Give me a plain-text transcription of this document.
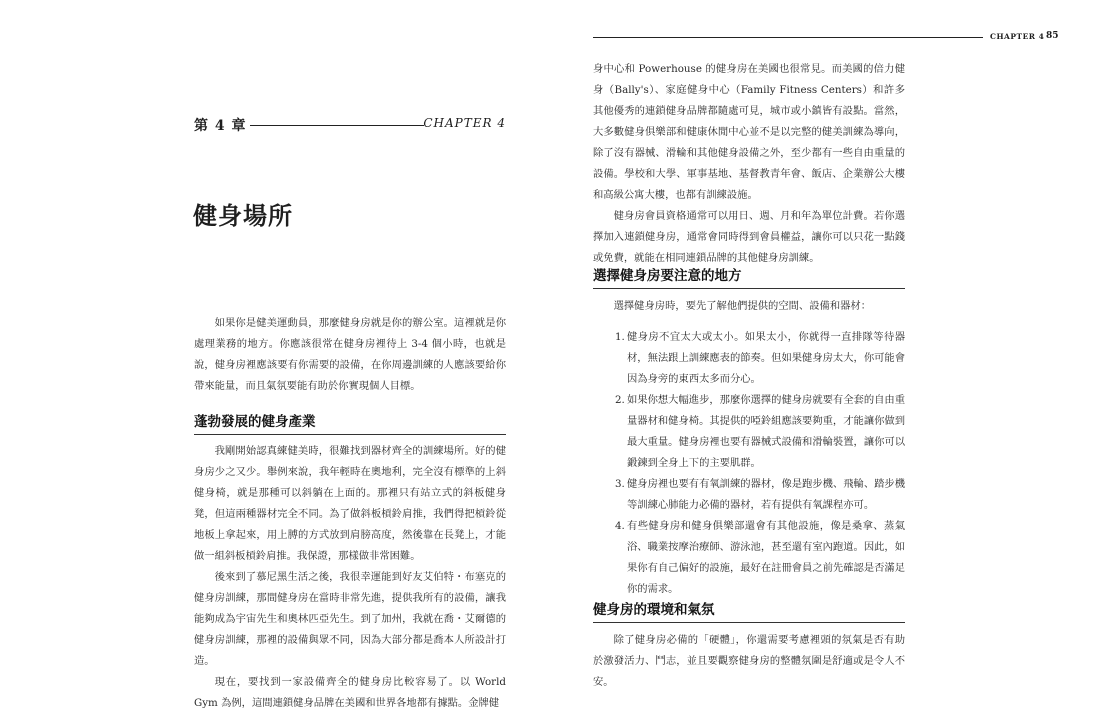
第 4 章	CHAPTER 4
健身場所

如果你是健美運動員，那麼健身房就是你的辦公室。這裡就是你處理業務的地方。你應該很常在健身房裡待上 3-4 個小時，也就是說，健身房裡應該要有你需要的設備，在你周邊訓練的人應該要給你帶來能量，而且氣氛要能有助於你實現個人目標。

蓬勃發展的健身產業

我剛開始認真練健美時，很難找到器材齊全的訓練場所。好的健身房少之又少。舉例來說，我年輕時在奧地利，完全沒有標準的上斜健身椅，就是那種可以斜躺在上面的。那裡只有站立式的斜板健身凳，但這兩種器材完全不同。為了做斜板槓鈴肩推，我們得把槓鈴從地板上拿起來，用上膊的方式放到肩膀高度，然後靠在長凳上，才能做一組斜板槓鈴肩推。我保證，那樣做非常困難。

後來到了慕尼黑生活之後，我很幸運能到好友艾伯特・布塞克的健身房訓練，那間健身房在當時非常先進，提供我所有的設備，讓我能夠成為宇宙先生和奧林匹亞先生。到了加州，我就在喬・艾爾德的健身房訓練，那裡的設備與眾不同，因為大部分都是喬本人所設計打造。

現在，要找到一家設備齊全的健身房比較容易了。以 World Gym 為例，這間連鎖健身品牌在美國和世界各地都有據點。金牌健

CHAPTER 4 85

身中心和 Powerhouse 的健身房在美國也很常見。而美國的倍力健身（Bally's）、家庭健身中心（Family Fitness Centers）和許多其他優秀的連鎖健身品牌都隨處可見，城市或小鎮皆有設點。當然，大多數健身俱樂部和健康休閒中心並不是以完整的健美訓練為導向，除了沒有器械、滑輪和其他健身設備之外，至少都有一些自由重量的設備。學校和大學、軍事基地、基督教青年會、飯店、企業辦公大樓和高級公寓大樓，也都有訓練設施。

健身房會員資格通常可以用日、週、月和年為單位計費。若你選擇加入連鎖健身房，通常會同時得到會員權益，讓你可以只花一點錢或免費，就能在相同連鎖品牌的其他健身房訓練。

選擇健身房要注意的地方

選擇健身房時，要先了解他們提供的空間、設備和器材：

1. 健身房不宜太大或太小。如果太小，你就得一直排隊等待器材，無法跟上訓練應表的節奏。但如果健身房太大，你可能會因為身旁的東西太多而分心。
2. 如果你想大幅進步，那麼你選擇的健身房就要有全套的自由重量器材和健身椅。其提供的啞鈴組應該要夠重，才能讓你做到最大重量。健身房裡也要有器械式設備和滑輪裝置，讓你可以鍛鍊到全身上下的主要肌群。
3. 健身房裡也要有有氧訓練的器材，像是跑步機、飛輪、踏步機等訓練心肺能力必備的器材，若有提供有氧課程亦可。
4. 有些健身房和健身俱樂部還會有其他設施，像是桑拿、蒸氣浴、職業按摩治療師、游泳池，甚至還有室內跑道。因此，如果你有自己偏好的設施，最好在註冊會員之前先確認是否滿足你的需求。
健身房的環境和氣氛

除了健身房必備的「硬體」，你還需要考慮裡頭的氛氣是否有助於激發活力、鬥志，並且要觀察健身房的整體氛圍是舒適或是令人不安。
